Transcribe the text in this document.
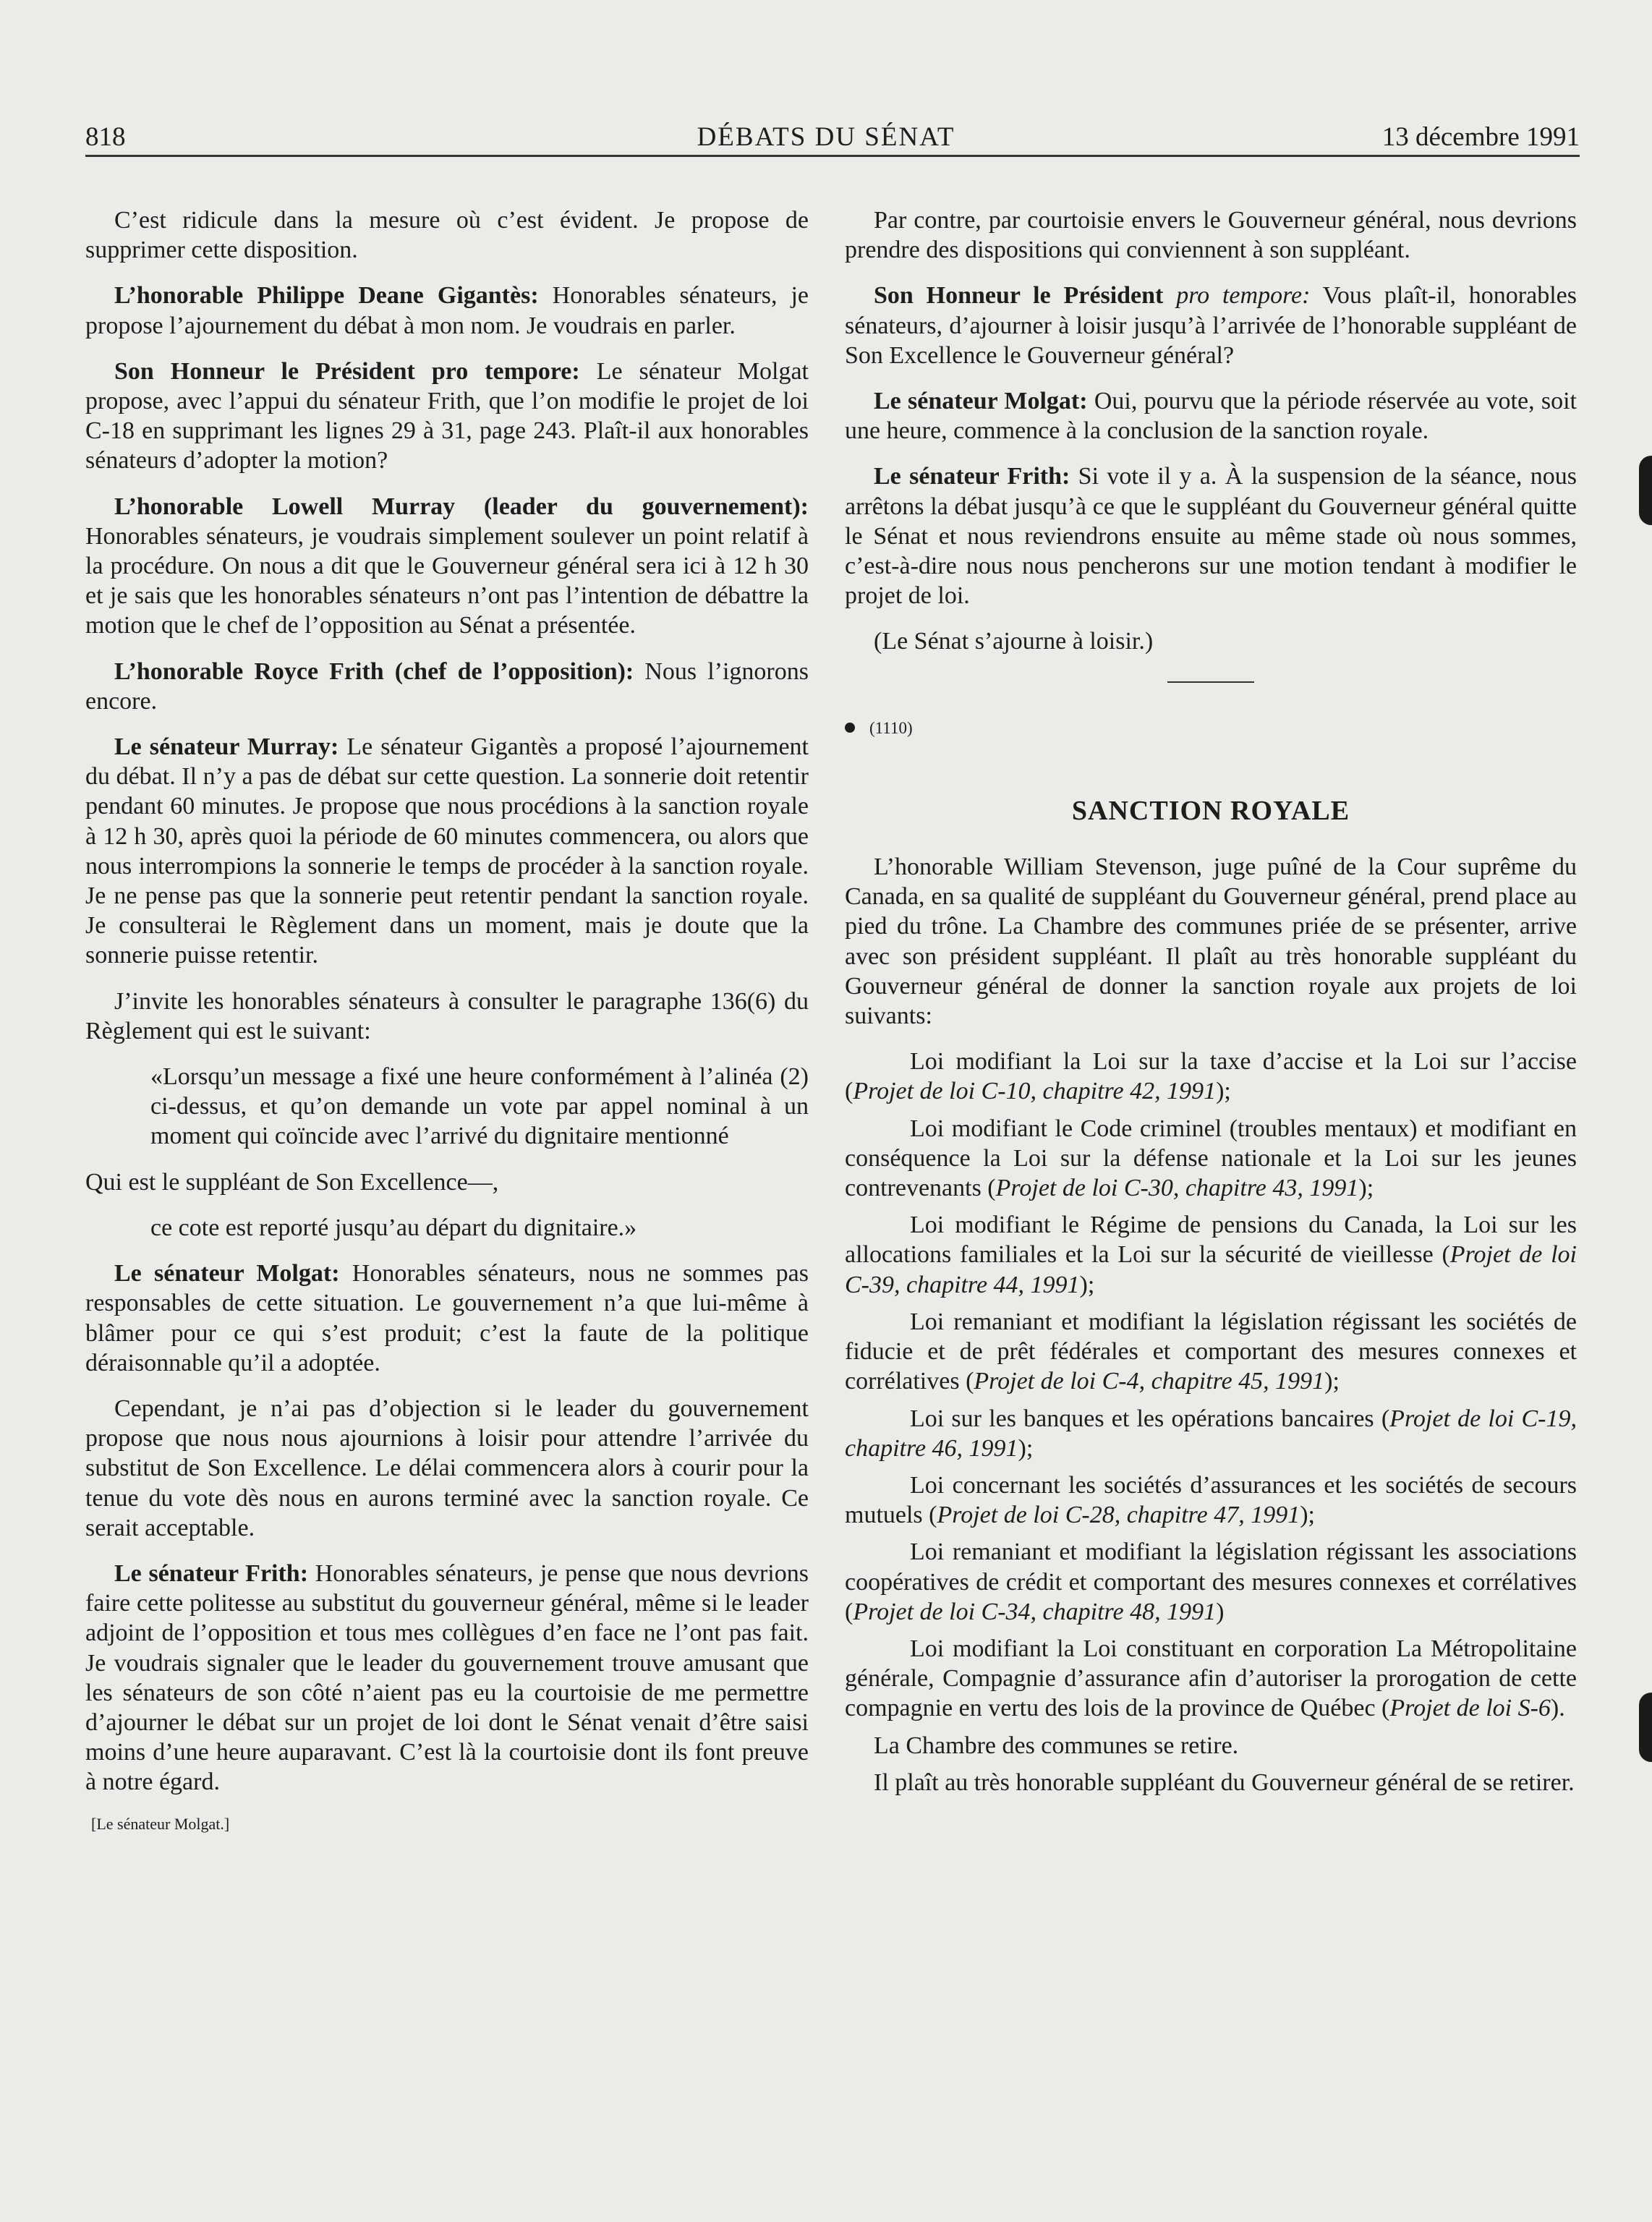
818	DÉBATS DU SÉNAT	13 décembre 1991

C’est ridicule dans la mesure où c’est évident. Je propose de supprimer cette disposition.

L’honorable Philippe Deane Gigantès: Honorables sénateurs, je propose l’ajournement du débat à mon nom. Je voudrais en parler.

Son Honneur le Président pro tempore: Le sénateur Molgat propose, avec l’appui du sénateur Frith, que l’on modifie le projet de loi C-18 en supprimant les lignes 29 à 31, page 243. Plaît-il aux honorables sénateurs d’adopter la motion?

L’honorable Lowell Murray (leader du gouvernement): Honorables sénateurs, je voudrais simplement soulever un point relatif à la procédure. On nous a dit que le Gouverneur général sera ici à 12 h 30 et je sais que les honorables sénateurs n’ont pas l’intention de débattre la motion que le chef de l’opposition au Sénat a présentée.

L’honorable Royce Frith (chef de l’opposition): Nous l’ignorons encore.

Le sénateur Murray: Le sénateur Gigantès a proposé l’ajournement du débat. Il n’y a pas de débat sur cette question. La sonnerie doit retentir pendant 60 minutes. Je propose que nous procédions à la sanction royale à 12 h 30, après quoi la période de 60 minutes commencera, ou alors que nous interrompions la sonnerie le temps de procéder à la sanction royale. Je ne pense pas que la sonnerie peut retentir pendant la sanction royale. Je consulterai le Règlement dans un moment, mais je doute que la sonnerie puisse retentir.

J’invite les honorables sénateurs à consulter le paragraphe 136(6) du Règlement qui est le suivant:

«Lorsqu’un message a fixé une heure conformément à l’alinéa (2) ci-dessus, et qu’on demande un vote par appel nominal à un moment qui coïncide avec l’arrivé du dignitaire mentionné

Qui est le suppléant de Son Excellence—,

ce cote est reporté jusqu’au départ du dignitaire.»

Le sénateur Molgat: Honorables sénateurs, nous ne sommes pas responsables de cette situation. Le gouvernement n’a que lui-même à blâmer pour ce qui s’est produit; c’est la faute de la politique déraisonnable qu’il a adoptée.

Cependant, je n’ai pas d’objection si le leader du gouvernement propose que nous nous ajournions à loisir pour attendre l’arrivée du substitut de Son Excellence. Le délai commencera alors à courir pour la tenue du vote dès nous en aurons terminé avec la sanction royale. Ce serait acceptable.

Le sénateur Frith: Honorables sénateurs, je pense que nous devrions faire cette politesse au substitut du gouverneur général, même si le leader adjoint de l’opposition et tous mes collègues d’en face ne l’ont pas fait. Je voudrais signaler que le leader du gouvernement trouve amusant que les sénateurs de son côté n’aient pas eu la courtoisie de me permettre d’ajourner le débat sur un projet de loi dont le Sénat venait d’être saisi moins d’une heure auparavant. C’est là la courtoisie dont ils font preuve à notre égard.

[Le sénateur Molgat.]

Par contre, par courtoisie envers le Gouverneur général, nous devrions prendre des dispositions qui conviennent à son suppléant.

Son Honneur le Président pro tempore: Vous plaît-il, honorables sénateurs, d’ajourner à loisir jusqu’à l’arrivée de l’honorable suppléant de Son Excellence le Gouverneur général?

Le sénateur Molgat: Oui, pourvu que la période réservée au vote, soit une heure, commence à la conclusion de la sanction royale.

Le sénateur Frith: Si vote il y a. À la suspension de la séance, nous arrêtons la débat jusqu’à ce que le suppléant du Gouverneur général quitte le Sénat et nous reviendrons ensuite au même stade où nous sommes, c’est-à-dire nous nous pencherons sur une motion tendant à modifier le projet de loi.

(Le Sénat s’ajourne à loisir.)

(1110)
SANCTION ROYALE

L’honorable William Stevenson, juge puîné de la Cour suprême du Canada, en sa qualité de suppléant du Gouverneur général, prend place au pied du trône. La Chambre des communes priée de se présenter, arrive avec son président suppléant. Il plaît au très honorable suppléant du Gouverneur général de donner la sanction royale aux projets de loi suivants:

Loi modifiant la Loi sur la taxe d’accise et la Loi sur l’accise (Projet de loi C-10, chapitre 42, 1991);

Loi modifiant le Code criminel (troubles mentaux) et modifiant en conséquence la Loi sur la défense nationale et la Loi sur les jeunes contrevenants (Projet de loi C-30, chapitre 43, 1991);

Loi modifiant le Régime de pensions du Canada, la Loi sur les allocations familiales et la Loi sur la sécurité de vieillesse (Projet de loi C-39, chapitre 44, 1991);

Loi remaniant et modifiant la législation régissant les sociétés de fiducie et de prêt fédérales et comportant des mesures connexes et corrélatives (Projet de loi C-4, chapitre 45, 1991);

Loi sur les banques et les opérations bancaires (Projet de loi C-19, chapitre 46, 1991);

Loi concernant les sociétés d’assurances et les sociétés de secours mutuels (Projet de loi C-28, chapitre 47, 1991);

Loi remaniant et modifiant la législation régissant les associations coopératives de crédit et comportant des mesures connexes et corrélatives (Projet de loi C-34, chapitre 48, 1991)

Loi modifiant la Loi constituant en corporation La Métropolitaine générale, Compagnie d’assurance afin d’autoriser la prorogation de cette compagnie en vertu des lois de la province de Québec (Projet de loi S-6).

La Chambre des communes se retire.

Il plaît au très honorable suppléant du Gouverneur général de se retirer.
